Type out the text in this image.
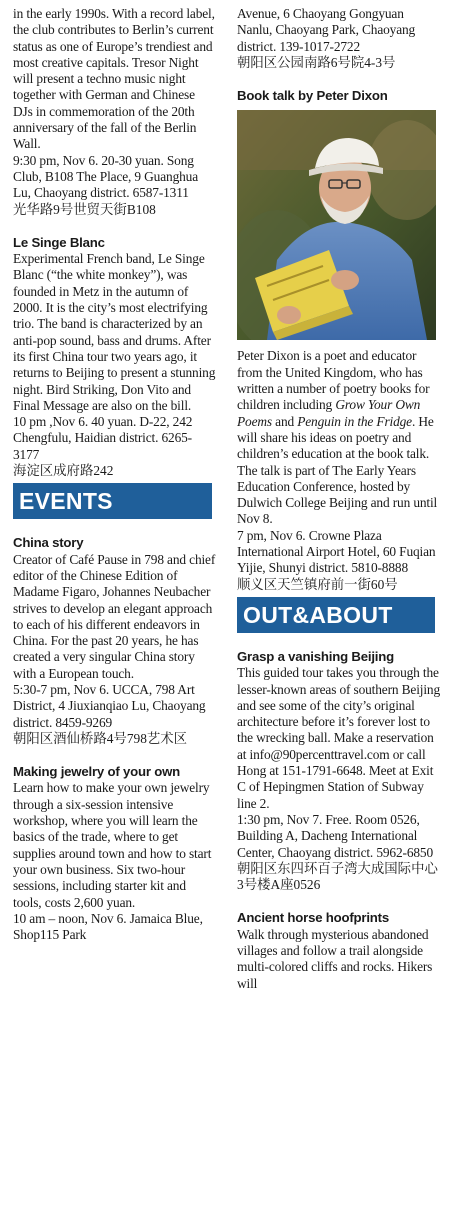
in the early 1990s. With a record label, the club contributes to Berlin’s current status as one of Europe’s trendiest and most creative capitals. Tresor Night will present a techno music night together with German and Chinese DJs in commemoration of the 20th anniversary of the fall of the Berlin Wall.

9:30 pm, Nov 6. 20-30 yuan. Song Club, B108 The Place, 9 Guanghua Lu, Chaoyang district. 6587-1311

光华路9号世贸天街B108

Le Singe Blanc

Experimental French band, Le Singe Blanc (“the white monkey”), was founded in Metz in the autumn of 2000. It is the city’s most electrifying trio. The band is characterized by an anti-pop sound, bass and drums. After its first China tour two years ago, it returns to Beijing to present a stunning night. Bird Striking, Don Vito and Final Message are also on the bill.

10 pm ,Nov 6. 40 yuan. D-22, 242 Chengfulu, Haidian district. 6265-3177

海淀区成府路242

EVENTS

China story

Creator of Café Pause in 798 and chief editor of the Chinese Edition of Madame Figaro, Johannes Neubacher strives to develop an elegant approach to each of his different endeavors in China. For the past 20 years, he has created a very singular China story with a European touch.

5:30-7 pm, Nov 6. UCCA, 798 Art District, 4 Jiuxianqiao Lu, Chaoyang district. 8459-9269

朝阳区酒仙桥路4号798艺术区

Making jewelry of your own

Learn how to make your own jewelry through a six-session intensive workshop, where you will learn the basics of the trade, where to get supplies around town and how to start your own business. Six two-hour sessions, including starter kit and tools, costs 2,600 yuan.

10 am – noon, Nov 6. Jamaica Blue, Shop115 Park

Avenue, 6 Chaoyang Gongyuan Nanlu, Chaoyang Park, Chaoyang district. 139-1017-2722

朝阳区公园南路6号院4-3号

Book talk by Peter Dixon

Peter Dixon is a poet and educator from the United Kingdom, who has written a number of poetry books for children including Grow Your Own Poems and Penguin in the Fridge. He will share his ideas on poetry and children’s education at the book talk. The talk is part of The Early Years Education Conference, hosted by Dulwich College Beijing and run until Nov 8.

7 pm, Nov 6. Crowne Plaza International Airport Hotel, 60 Fuqian Yijie, Shunyi district. 5810-8888

顺义区天竺镇府前一街60号

OUT&ABOUT

Grasp a vanishing Beijing

This guided tour takes you through the lesser-known areas of southern Beijing and see some of the city’s original architecture before it’s forever lost to the wrecking ball. Make a reservation at info@90percenttravel.com or call Hong at 151-1791-6648. Meet at Exit C of Hepingmen Station of Subway line 2.

1:30 pm, Nov 7. Free. Room 0526, Building A, Dacheng International Center, Chaoyang district. 5962-6850

朝阳区东四环百子湾大成国际中心3号楼A座0526

Ancient horse hoofprints

Walk through mysterious abandoned villages and follow a trail alongside multi-colored cliffs and rocks. Hikers will
